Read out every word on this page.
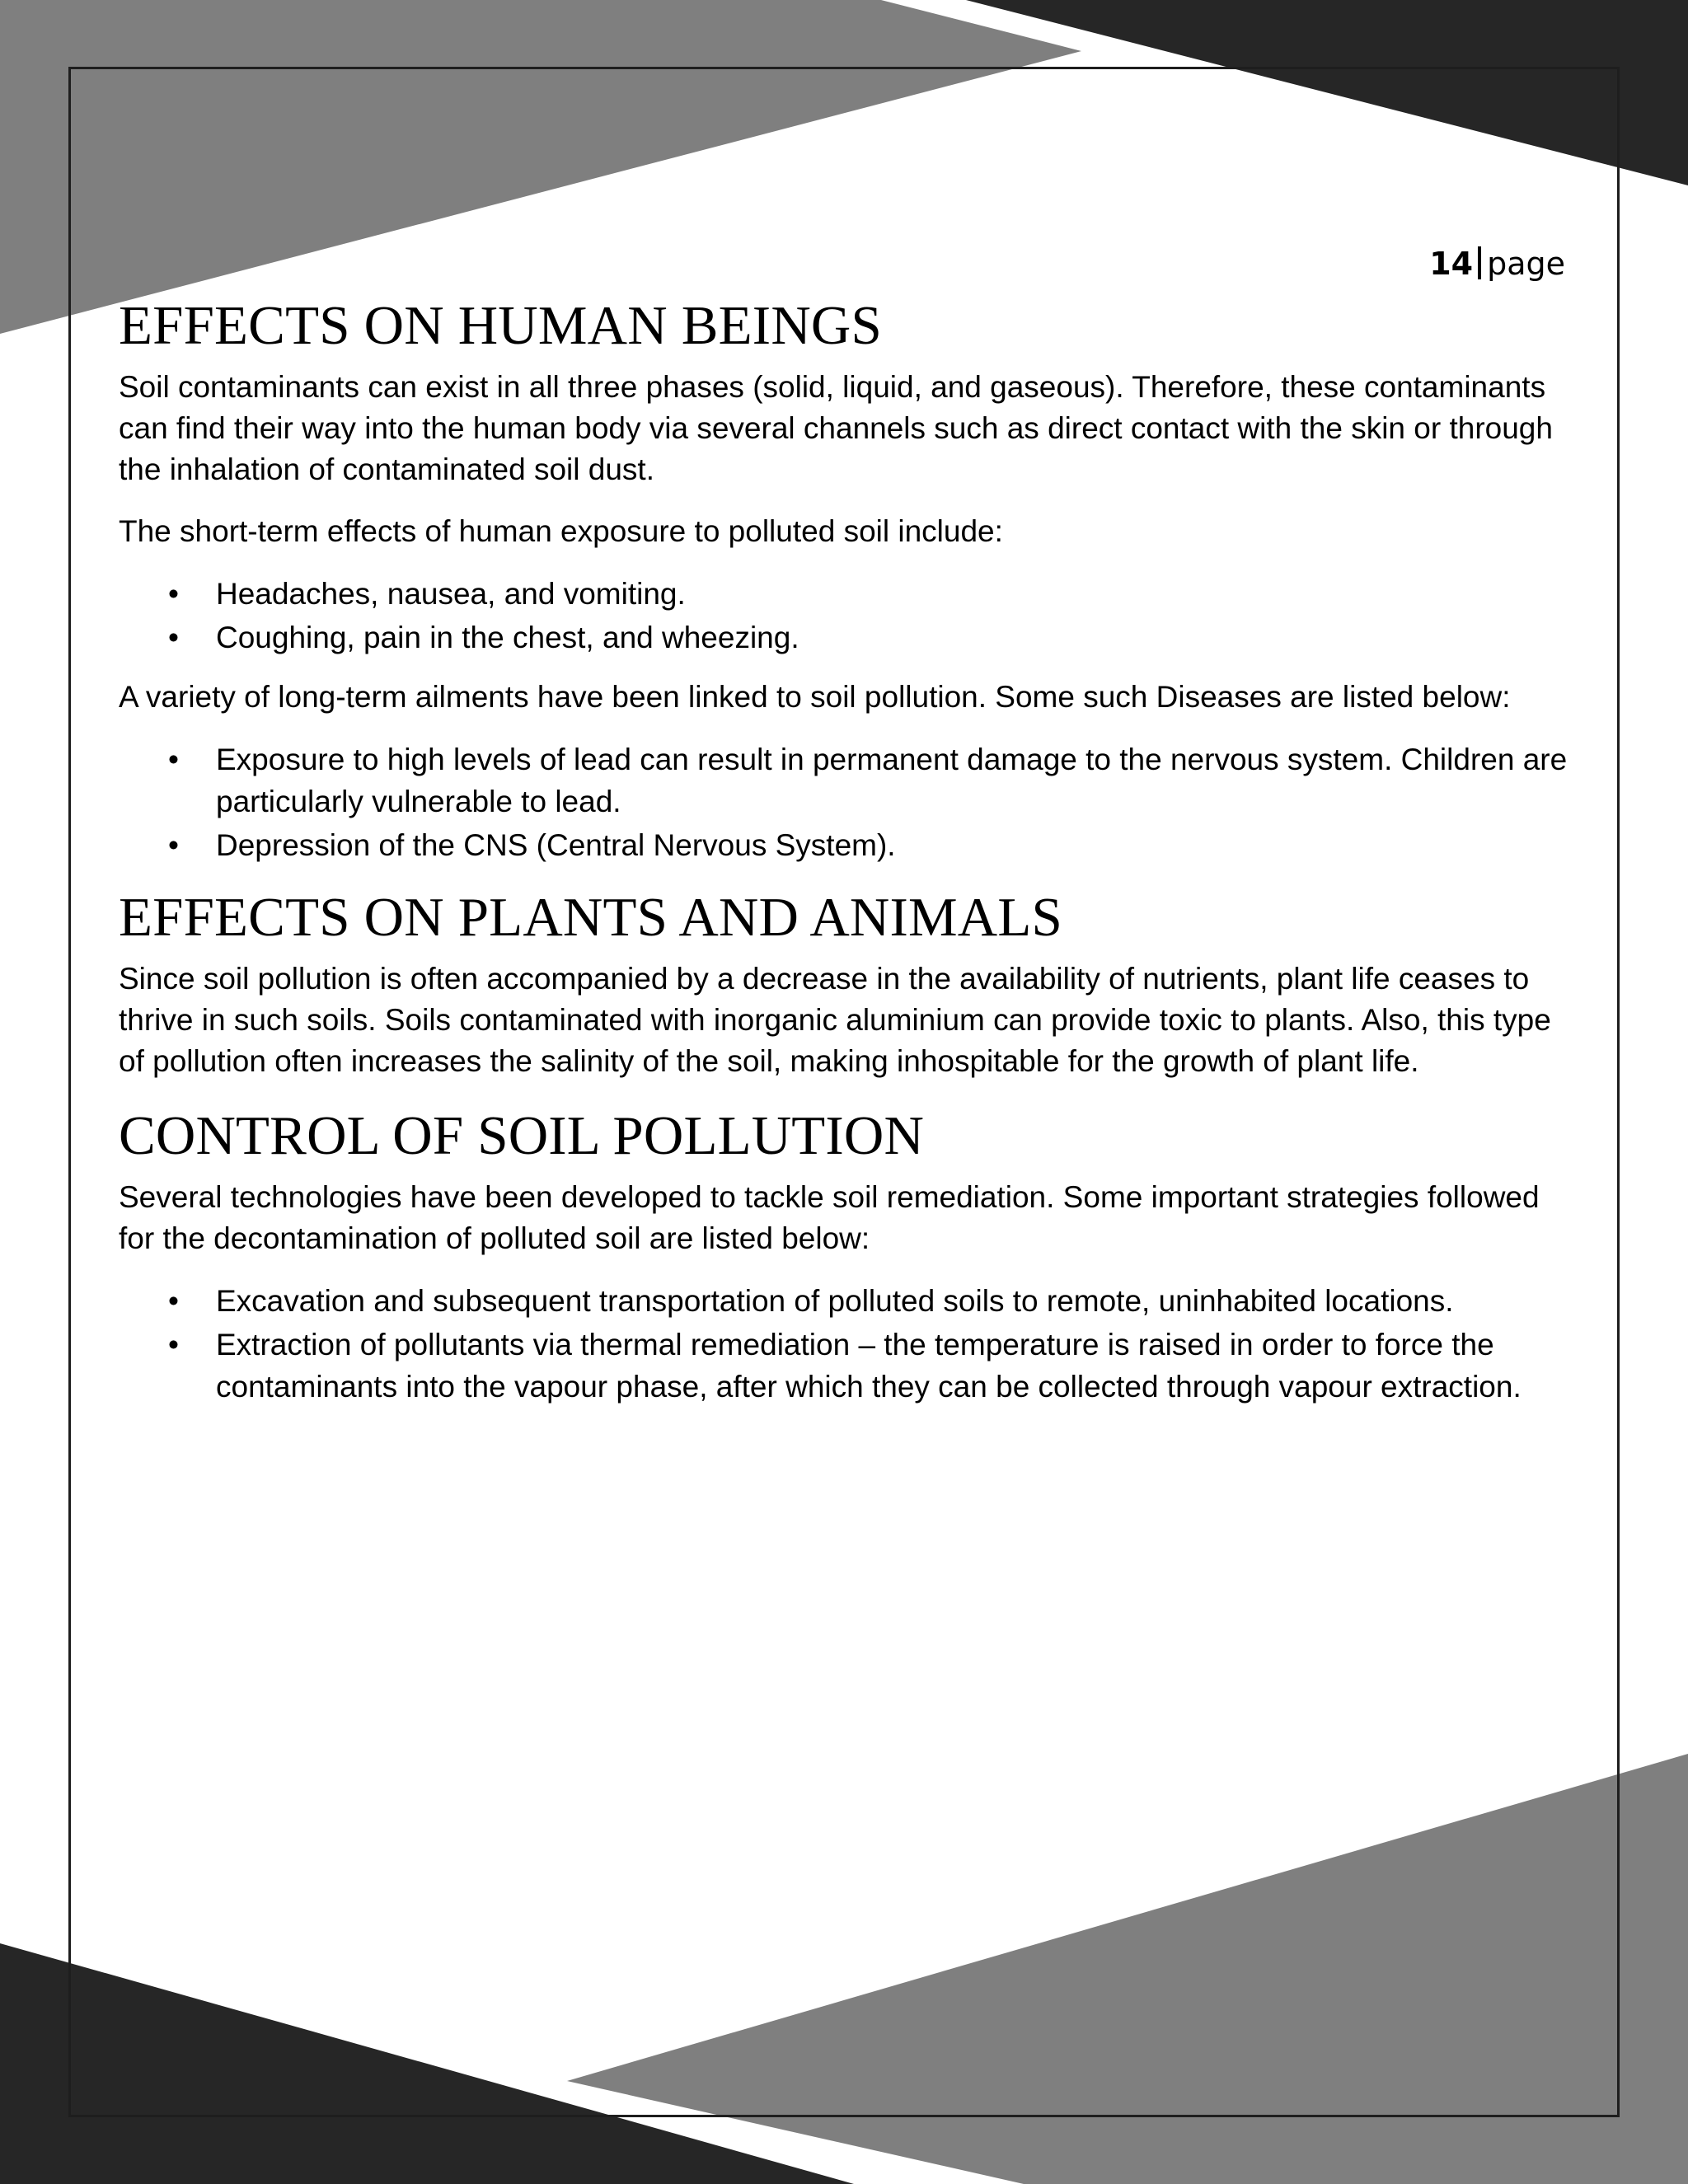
14 page
EFFECTS ON HUMAN BEINGS

Soil contaminants can exist in all three phases (solid, liquid, and gaseous). Therefore, these contaminants can find their way into the human body via several channels such as direct contact with the skin or through the inhalation of contaminated soil dust.

The short-term effects of human exposure to polluted soil include:

• Headaches, nausea, and vomiting.
• Coughing, pain in the chest, and wheezing.

A variety of long-term ailments have been linked to soil pollution. Some such Diseases are listed below:

• Exposure to high levels of lead can result in permanent damage to the nervous system. Children are particularly vulnerable to lead.
• Depression of the CNS (Central Nervous System).
EFFECTS ON PLANTS AND ANIMALS

Since soil pollution is often accompanied by a decrease in the availability of nutrients, plant life ceases to thrive in such soils. Soils contaminated with inorganic aluminium can provide toxic to plants. Also, this type of pollution often increases the salinity of the soil, making inhospitable for the growth of plant life.

CONTROL OF SOIL POLLUTION

Several technologies have been developed to tackle soil remediation. Some important strategies followed for the decontamination of polluted soil are listed below:

• Excavation and subsequent transportation of polluted soils to remote, uninhabited locations.
• Extraction of pollutants via thermal remediation – the temperature is raised in order to force the contaminants into the vapour phase, after which they can be collected through vapour extraction.
